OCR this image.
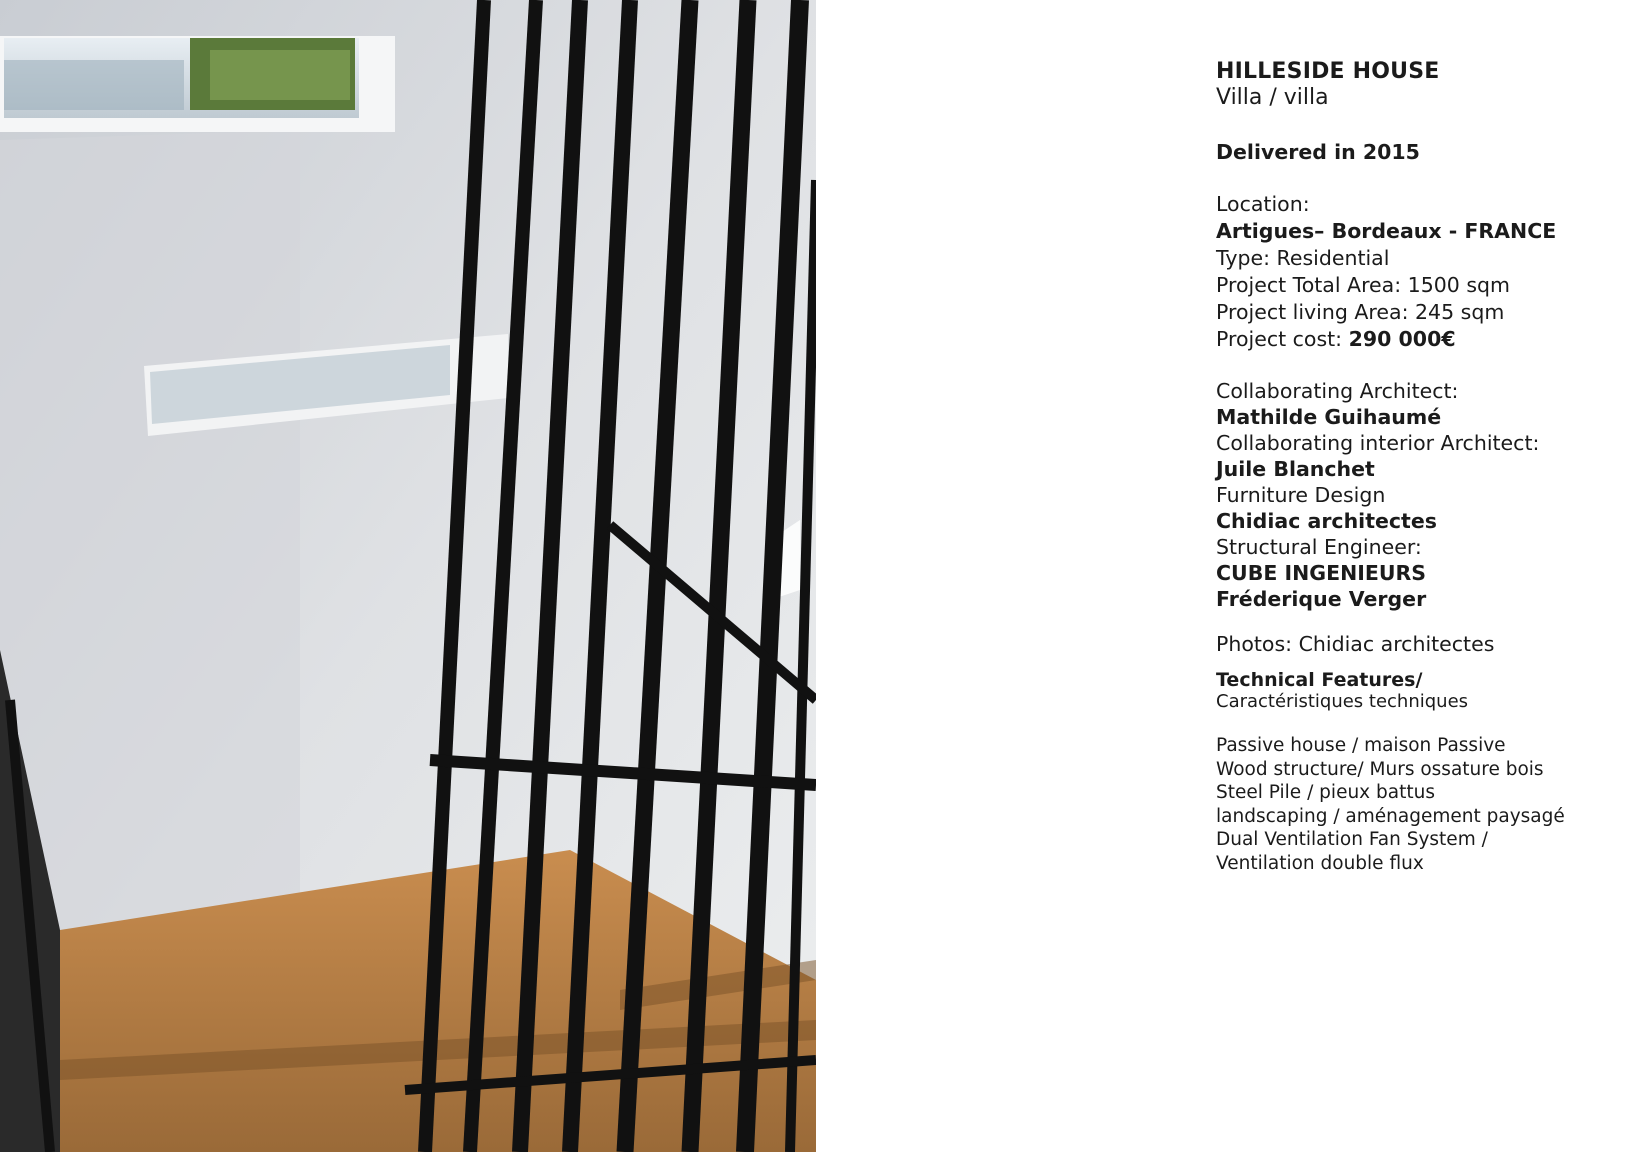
HILLESIDE HOUSE
Villa / villa
Delivered in 2015
Location:
Artigues– Bordeaux - FRANCE
Type: Residential
Project Total Area: 1500 sqm
Project living Area: 245 sqm
Project cost: 290 000€
Collaborating Architect:
Mathilde Guihaumé
Collaborating interior Architect:
Juile Blanchet
Furniture Design
Chidiac architectes
Structural Engineer:
CUBE INGENIEURS
Fréderique Verger
Photos: Chidiac architectes
Technical Features/
Caractéristiques techniques
Passive house / maison Passive
Wood structure/ Murs ossature bois
Steel Pile / pieux battus
landscaping / aménagement paysagé
Dual Ventilation Fan System /
Ventilation double flux
